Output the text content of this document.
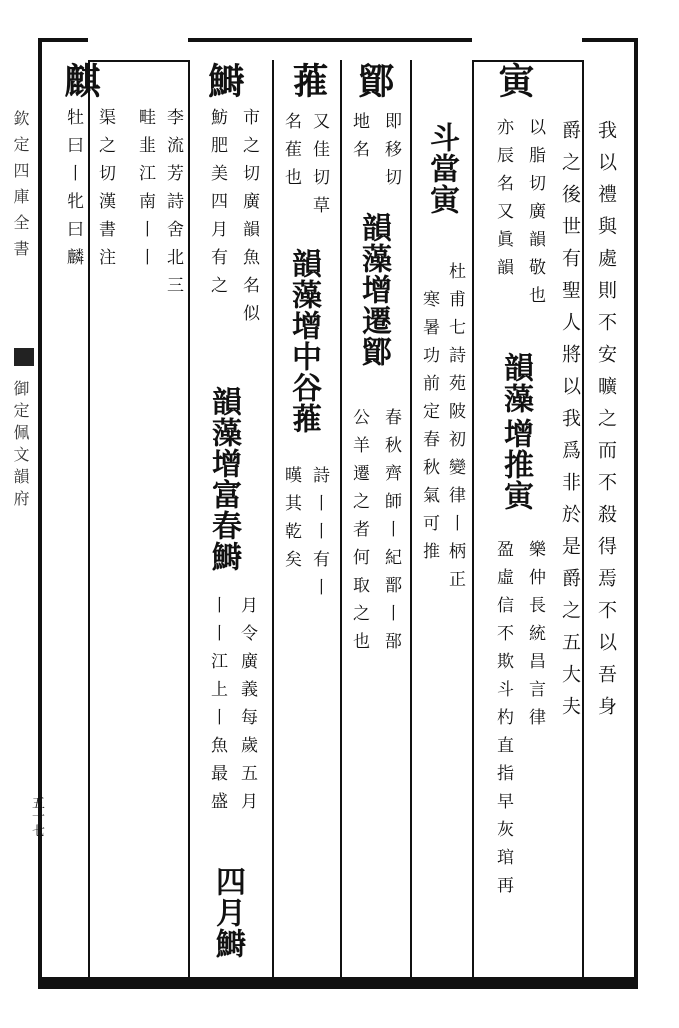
欽定四庫全書
御定佩文韻府
五十七
麒
渠之切漢書注
牡曰丨牝曰麟	李流芳詩舍北三
畦韭江南丨丨
鰣
市之切廣韻魚名似
魴肥美四月有之
韻藻增富春鰣
月令廣義每歲五月
丨丨江上丨魚最盛
四月鰣
蓷
又佳切草
名萑也
韻藻增中谷蓷
詩丨丨有丨
暵其乾矣
鄮
即移切
地名
韻藻增遷鄮
春秋齊師丨紀鄑丨郚
公羊遷之者何取之也
斗當寅
杜甫七詩苑陂初變律丨柄正
寒暑功前定春秋氣可推
寅
以脂切廣韻敬也
亦辰名又眞韻
韻藻
增推寅
樂仲長統昌言律
盈虛信不欺斗杓直指早灰琯再	我以禮與處則不安曠之而不殺得焉不以吾身
爵之後世有聖人將以我爲非於是爵之五大夫
